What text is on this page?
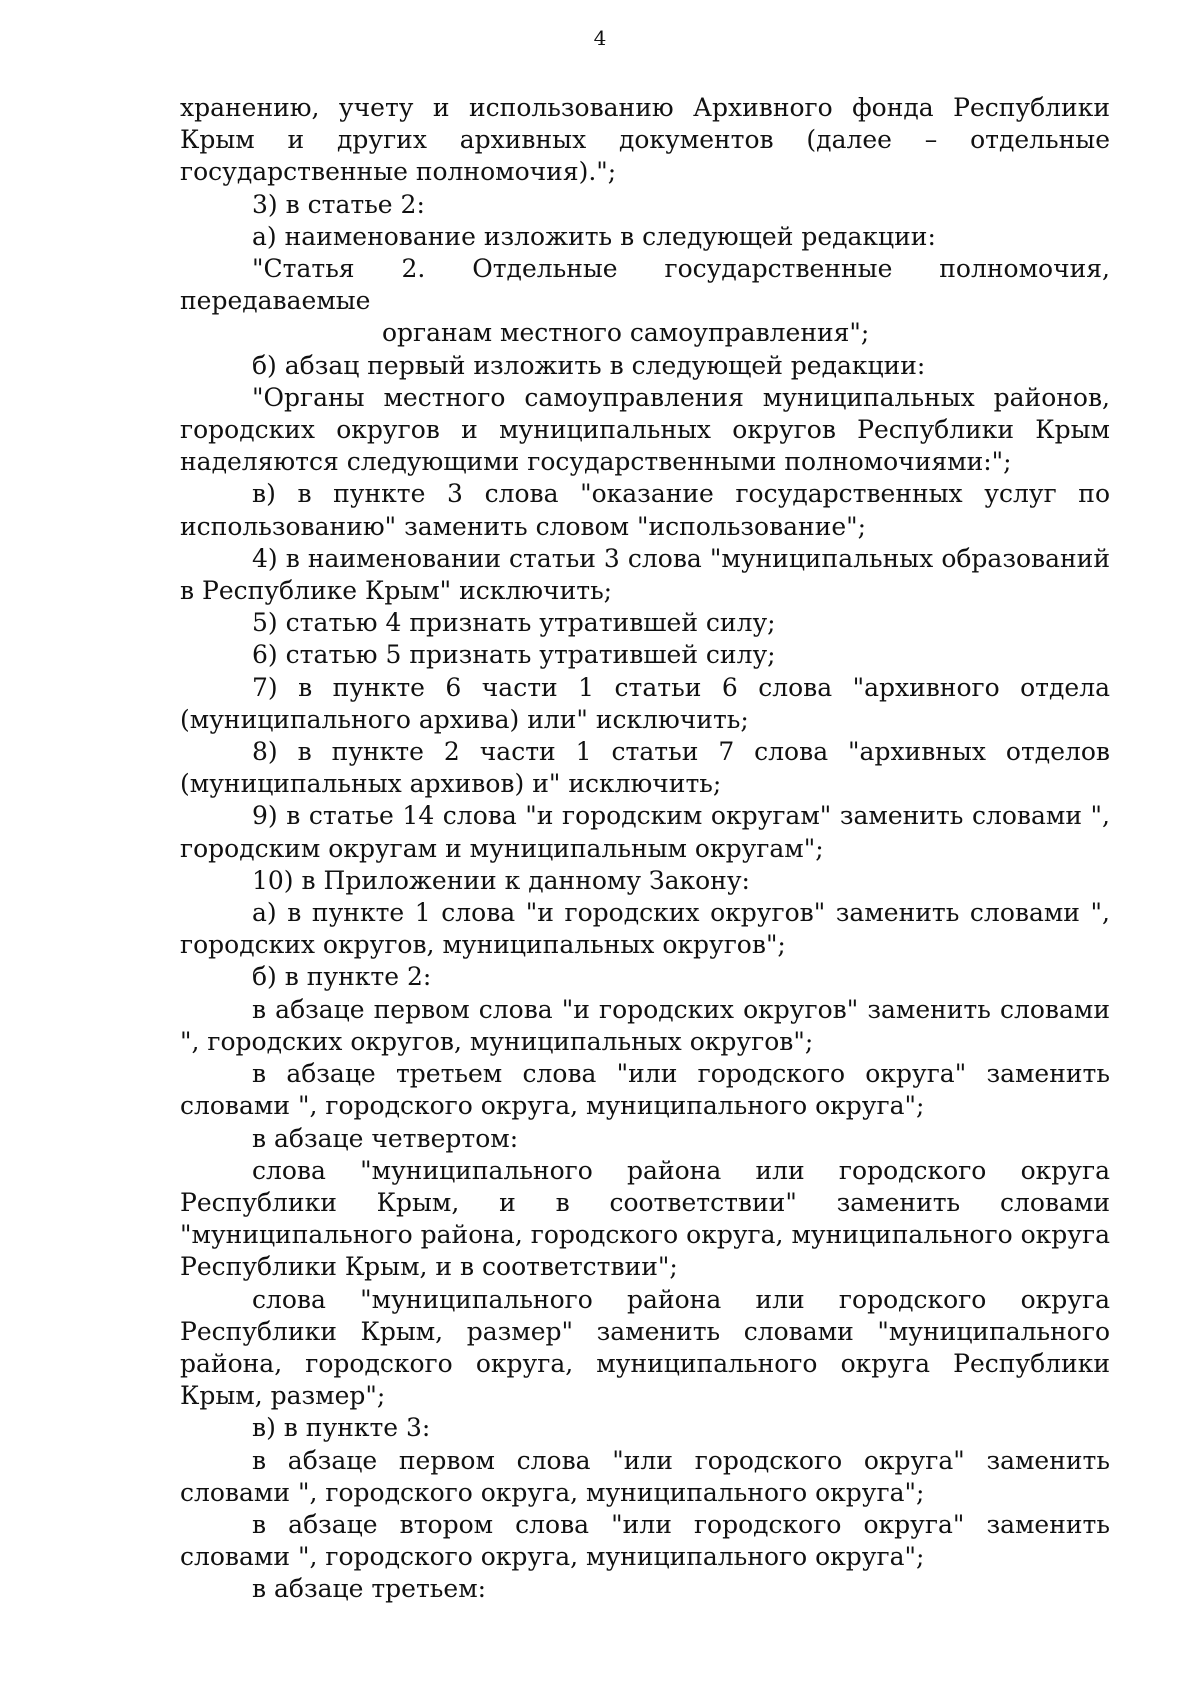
4

хранению, учету и использованию Архивного фонда Республики Крым и других архивных документов (далее – отдельные государственные полномочия).";

3) в статье 2:

а) наименование изложить в следующей редакции:

"Статья 2. Отдельные государственные полномочия, передаваемые

органам местного самоуправления";

б) абзац первый изложить в следующей редакции:

"Органы местного самоуправления муниципальных районов, городских округов и муниципальных округов Республики Крым наделяются следующими государственными полномочиями:";

в) в пункте 3 слова "оказание государственных услуг по использованию" заменить словом "использование";

4) в наименовании статьи 3 слова "муниципальных образований в Республике Крым" исключить;

5) статью 4 признать утратившей силу;

6) статью 5 признать утратившей силу;

7) в пункте 6 части 1 статьи 6 слова "архивного отдела (муниципального архива) или" исключить;

8) в пункте 2 части 1 статьи 7 слова "архивных отделов (муниципальных архивов) и" исключить;

9) в статье 14 слова "и городским округам" заменить словами ", городским округам и муниципальным округам";

10) в Приложении к данному Закону:

а) в пункте 1 слова "и городских округов" заменить словами ", городских округов, муниципальных округов";

б) в пункте 2:

в абзаце первом слова "и городских округов" заменить словами ", городских округов, муниципальных округов";

в абзаце третьем слова "или городского округа" заменить словами ", городского округа, муниципального округа";

в абзаце четвертом:

слова "муниципального района или городского округа Республики Крым, и в соответствии" заменить словами "муниципального района, городского округа, муниципального округа Республики Крым, и в соответствии";

слова "муниципального района или городского округа Республики Крым, размер" заменить словами "муниципального района, городского округа, муниципального округа Республики Крым, размер";

в) в пункте 3:

в абзаце первом слова "или городского округа" заменить словами ", городского округа, муниципального округа";

в абзаце втором слова "или городского округа" заменить словами ", городского округа, муниципального округа";

в абзаце третьем:
